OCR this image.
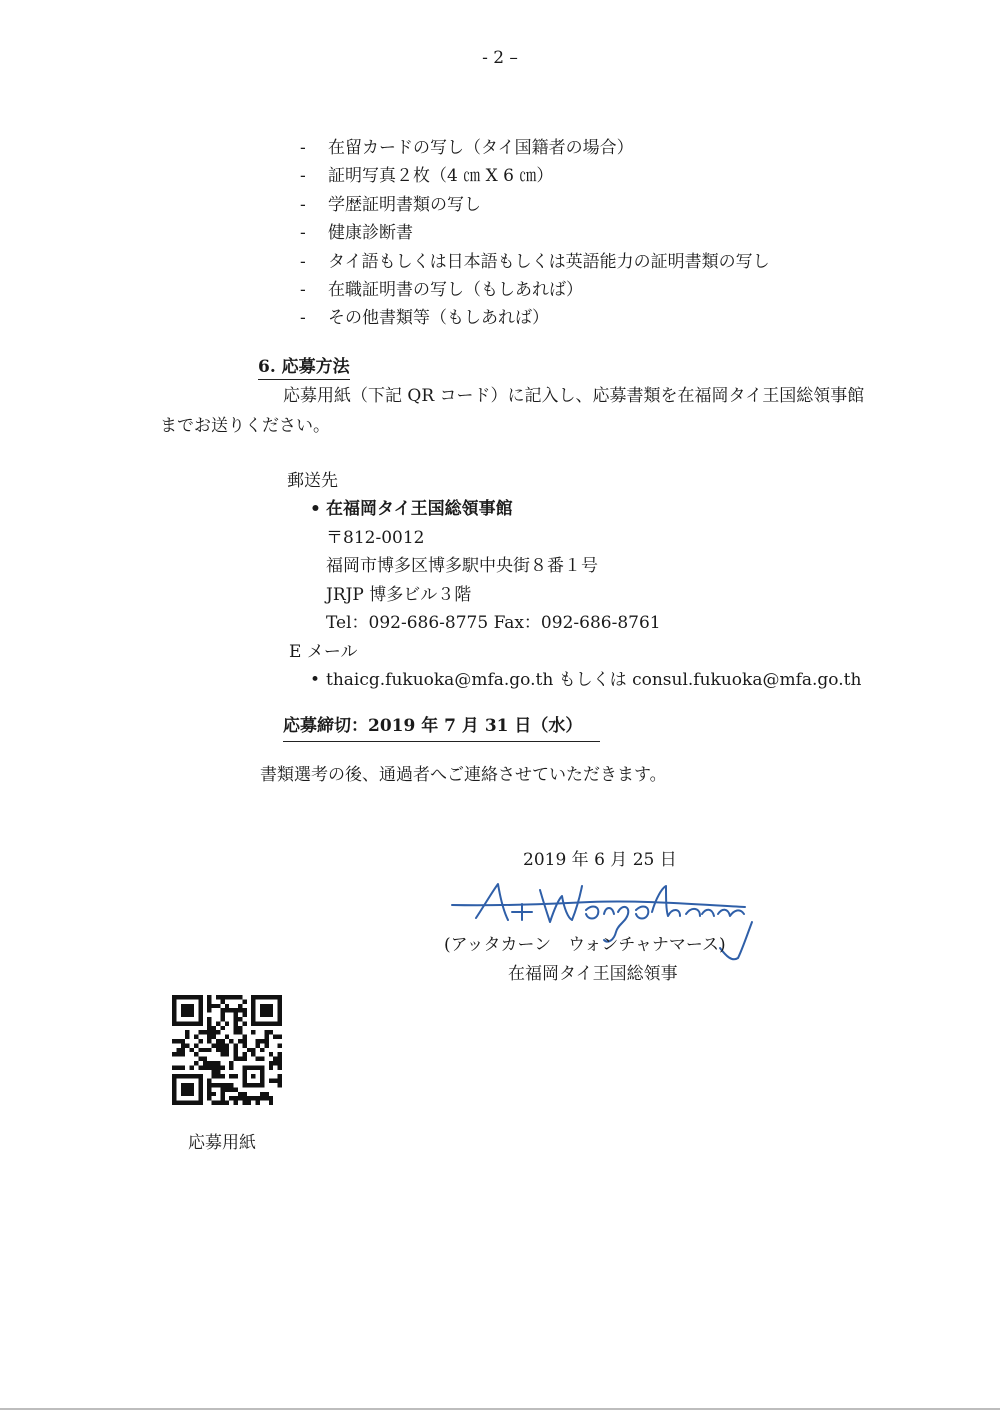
- 2 –
- 在留カードの写し（タイ国籍者の場合）
- 証明写真２枚（4 ㎝ X 6 ㎝）
- 学歴証明書類の写し
- 健康診断書
- タイ語もしくは日本語もしくは英語能力の証明書類の写し
- 在職証明書の写し（もしあれば）
- その他書類等（もしあれば）
6. 応募方法
応募用紙（下記 QR コード）に記入し、応募書類を在福岡タイ王国総領事館
までお送りください。
郵送先
• 在福岡タイ王国総領事館
〒812-0012
福岡市博多区博多駅中央街８番１号
JRJP 博多ビル３階
Tel：092-686-8775 Fax：092-686-8761
E メール
• thaicg.fukuoka@mfa.go.th もしくは consul.fukuoka@mfa.go.th
応募締切：2019 年 7 月 31 日（水）
書類選考の後、通過者へご連絡させていただきます。
2019 年 6 月 25 日
(アッタカーン　ウォンチャナマース)
在福岡タイ王国総領事
応募用紙
